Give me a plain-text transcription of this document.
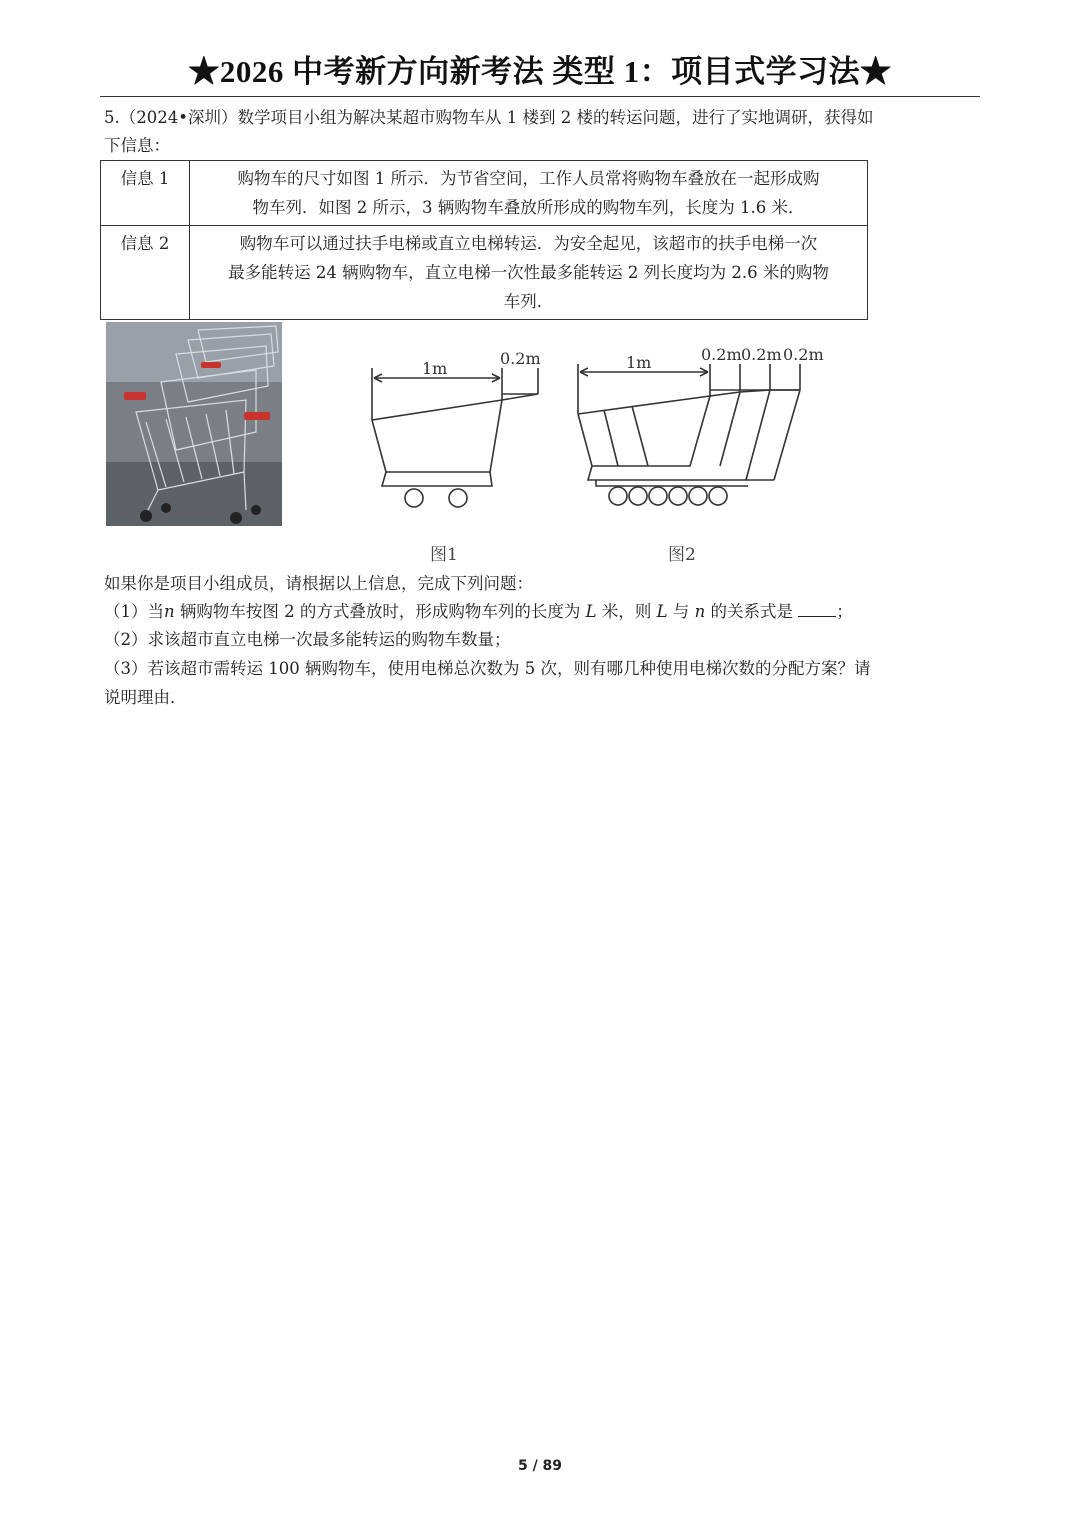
★2026 中考新方向新考法 类型 1：项目式学习法★
5.（2024•深圳）数学项目小组为解决某超市购物车从 1 楼到 2 楼的转运问题，进行了实地调研，获得如
下信息：
信息 1	购物车的尺寸如图 1 所示．为节省空间，工作人员常将购物车叠放在一起形成购
物车列．如图 2 所示，3 辆购物车叠放所形成的购物车列，长度为 1.6 米．

信息 2	购物车可以通过扶手电梯或直立电梯转运．为安全起见，该超市的扶手电梯一次
最多能转运 24 辆购物车，直立电梯一次性最多能转运 2 列长度均为 2.6 米的购物
车列．
1m
0.2m	1m	0.2m 0.2m 0.2m
图1	图2
如果你是项目小组成员，请根据以上信息，完成下列问题：
（1）当n 辆购物车按图 2 的方式叠放时，形成购物车列的长度为 L 米，则 L 与 n 的关系式是 ；
（2）求该超市直立电梯一次最多能转运的购物车数量；
（3）若该超市需转运 100 辆购物车，使用电梯总次数为 5 次，则有哪几种使用电梯次数的分配方案？请
说明理由．
5 / 89
